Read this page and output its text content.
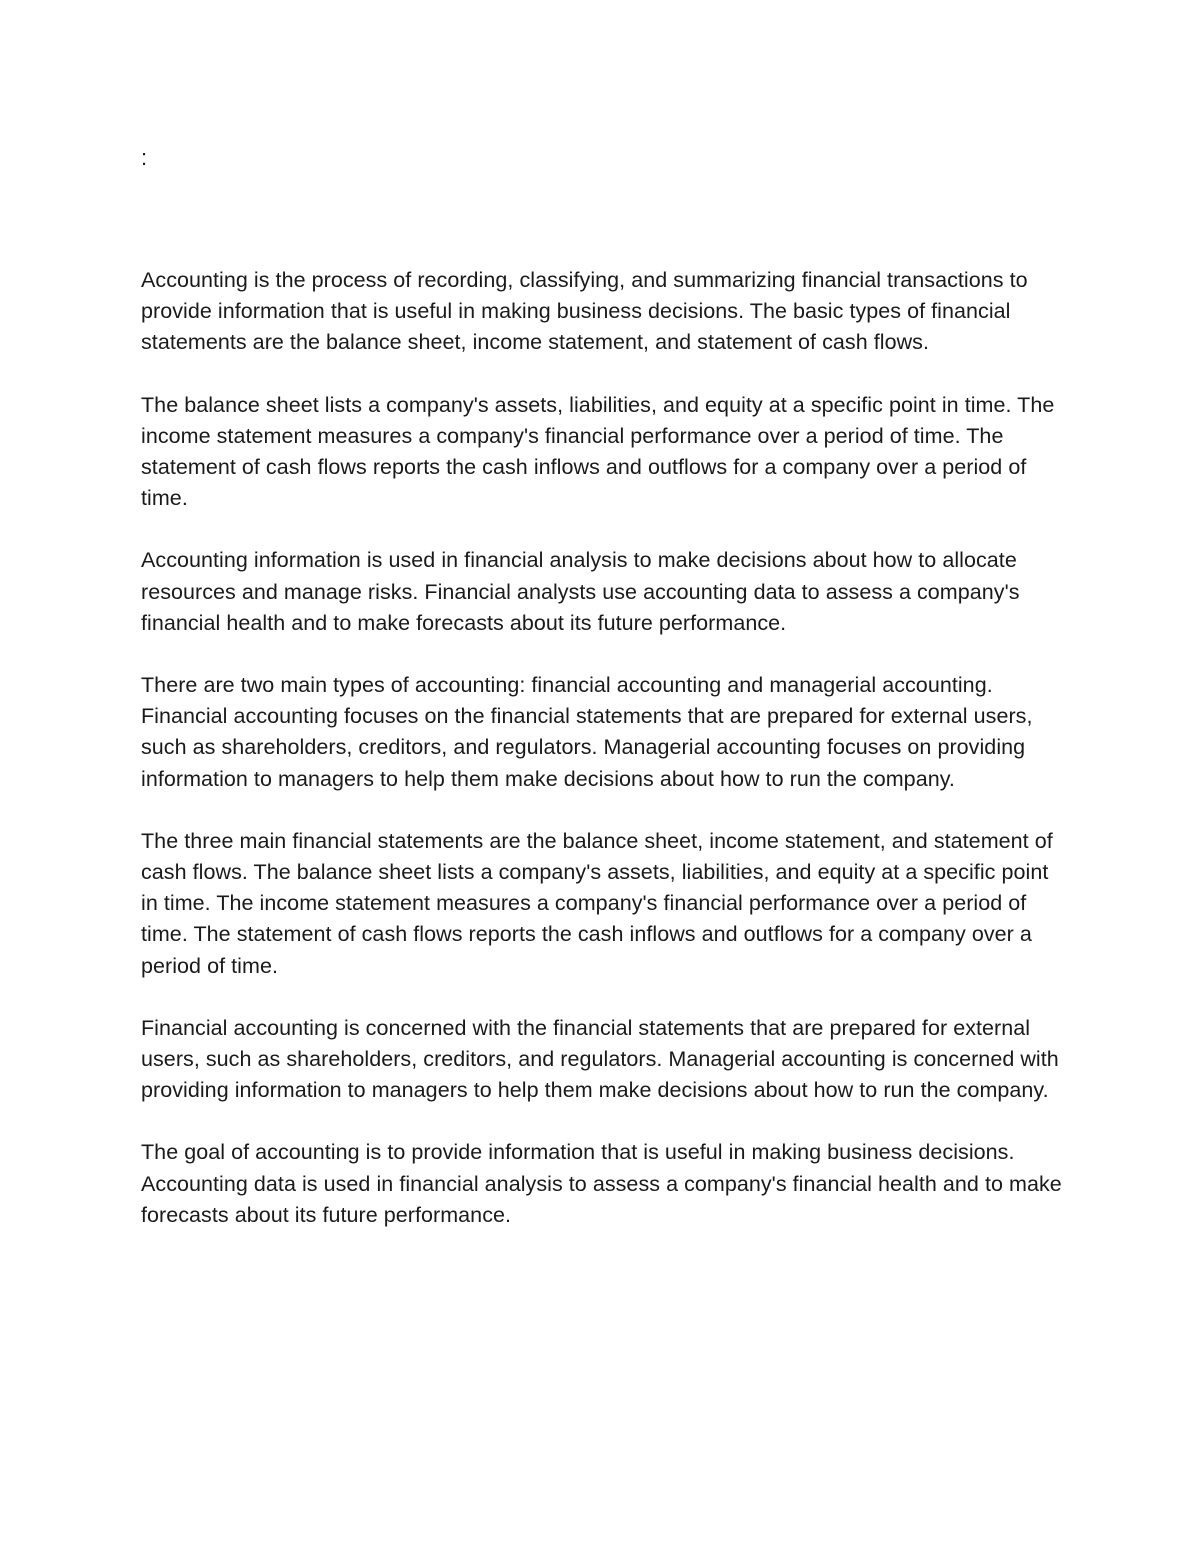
:

Accounting is the process of recording, classifying, and summarizing financial transactions to provide information that is useful in making business decisions. The basic types of financial statements are the balance sheet, income statement, and statement of cash flows.

The balance sheet lists a company's assets, liabilities, and equity at a specific point in time. The income statement measures a company's financial performance over a period of time. The statement of cash flows reports the cash inflows and outflows for a company over a period of time.

Accounting information is used in financial analysis to make decisions about how to allocate resources and manage risks. Financial analysts use accounting data to assess a company's financial health and to make forecasts about its future performance.

There are two main types of accounting: financial accounting and managerial accounting. Financial accounting focuses on the financial statements that are prepared for external users, such as shareholders, creditors, and regulators. Managerial accounting focuses on providing information to managers to help them make decisions about how to run the company.

The three main financial statements are the balance sheet, income statement, and statement of cash flows. The balance sheet lists a company's assets, liabilities, and equity at a specific point in time. The income statement measures a company's financial performance over a period of time. The statement of cash flows reports the cash inflows and outflows for a company over a period of time.

Financial accounting is concerned with the financial statements that are prepared for external users, such as shareholders, creditors, and regulators. Managerial accounting is concerned with providing information to managers to help them make decisions about how to run the company.

The goal of accounting is to provide information that is useful in making business decisions. Accounting data is used in financial analysis to assess a company's financial health and to make forecasts about its future performance.
